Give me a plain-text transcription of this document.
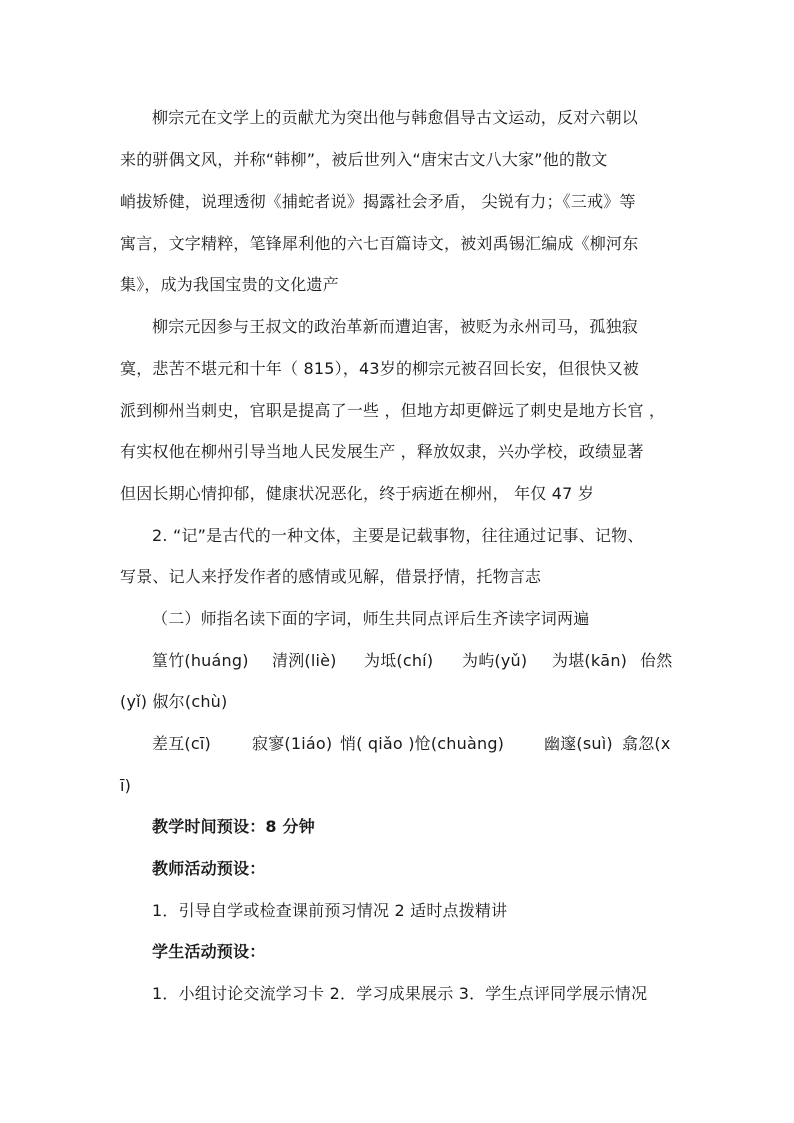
柳宗元在文学上的贡献尤为突出他与韩愈倡导古文运动，反对六朝以
来的骈偶文风，并称“韩柳”，被后世列入“唐宋古文八大家”他的散文
峭拔矫健，说理透彻《捕蛇者说》揭露社会矛盾， 尖锐有力；《三戒》等
寓言，文字精粹，笔锋犀利他的六七百篇诗文，被刘禹锡汇编成《柳河东
集》，成为我国宝贵的文化遗产
柳宗元因参与王叔文的政治革新而遭迫害，被贬为永州司马，孤独寂
寞，悲苦不堪元和十年（ 815），43岁的柳宗元被召回长安，但很快又被
派到柳州当刺史，官职是提高了一些 ，但地方却更僻远了刺史是地方长官 ，
有实权他在柳州引导当地人民发展生产 ，释放奴隶，兴办学校，政绩显著
但因长期心情抑郁，健康状况恶化，终于病逝在柳州， 年仅 47 岁
2. “记”是古代的一种文体，主要是记载事物，往往通过记事、记物、
写景、记人来抒发作者的感情或见解，借景抒情，托物言志
（二）师指名读下面的字词，师生共同点评后生齐读字词两遍
篁竹(huáng) 清洌(liè) 为坻(chí) 为屿(yǔ) 为堪(kān) 佁然
(yǐ) 俶尔(chù)
差互(cī)	寂寥(1iáo) 悄( qiǎo )怆(chuàng) 幽邃(suì) 翕忽(x
ī)
教学时间预设：8 分钟
教师活动预设：
1．引导自学或检查课前预习情况 2 适时点拨精讲
学生活动预设：
1．小组讨论交流学习卡 2．学习成果展示 3．学生点评同学展示情况
